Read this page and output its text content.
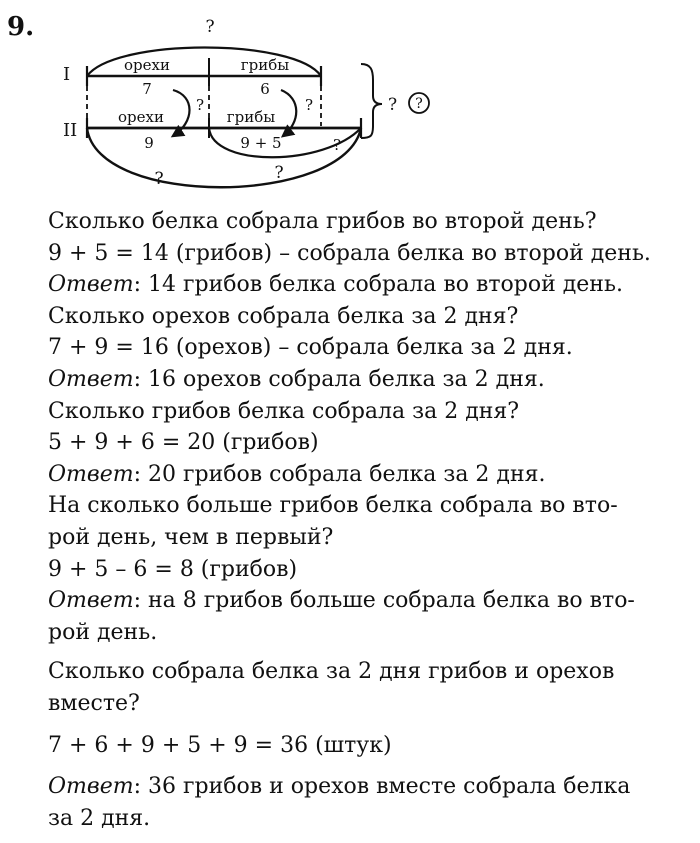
9.	?
I
II
орехи	грибы
7	6
орехи	грибы
9	9 + 5
?	?
?
?	?
? ?
Сколько белка собрала грибов во второй день?
9 + 5 = 14 (грибов) – собрала белка во второй день.
Ответ: 14 грибов белка собрала во второй день.
Сколько орехов собрала белка за 2 дня?
7 + 9 = 16 (орехов) – собрала белка за 2 дня.
Ответ: 16 орехов собрала белка за 2 дня.
Сколько грибов белка собрала за 2 дня?
5 + 9 + 6 = 20 (грибов)
Ответ: 20 грибов собрала белка за 2 дня.
На сколько больше грибов белка собрала во вто-
рой день, чем в первый?
9 + 5 – 6 = 8 (грибов)
Ответ: на 8 грибов больше собрала белка во вто-
рой день.
Сколько собрала белка за 2 дня грибов и орехов
вместе?
7 + 6 + 9 + 5 + 9 = 36 (штук)
Ответ: 36 грибов и орехов вместе собрала белка
за 2 дня.
